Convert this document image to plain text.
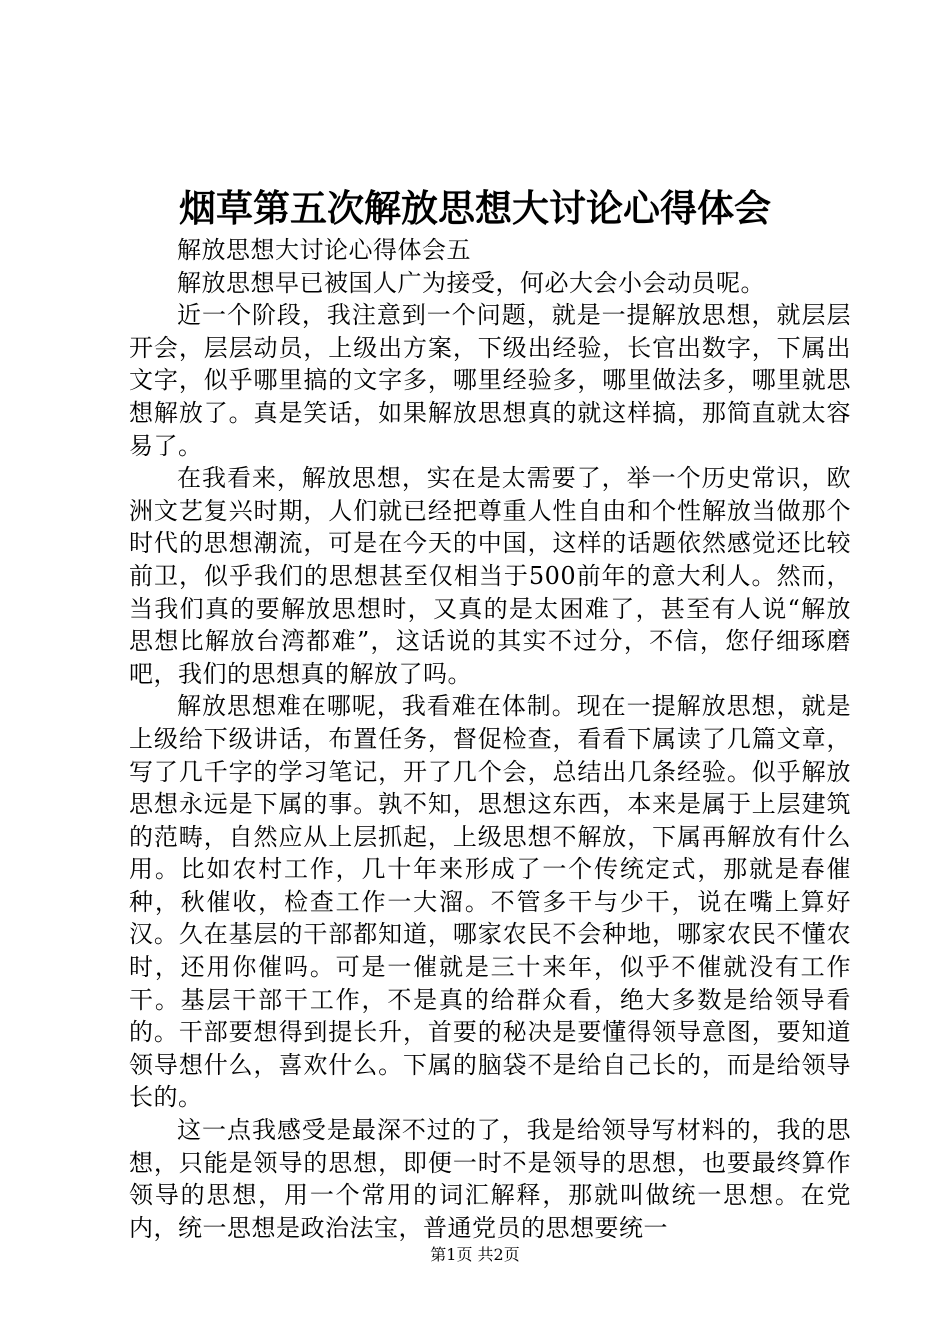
烟草第五次解放思想大讨论心得体会

解放思想大讨论心得体会五

解放思想早已被国人广为接受，何必大会小会动员呢。

近一个阶段，我注意到一个问题，就是一提解放思想，就层层开会，层层动员，上级出方案，下级出经验，长官出数字，下属出文字，似乎哪里搞的文字多，哪里经验多，哪里做法多，哪里就思想解放了。真是笑话，如果解放思想真的就这样搞，那简直就太容易了。

在我看来，解放思想，实在是太需要了，举一个历史常识，欧洲文艺复兴时期，人们就已经把尊重人性自由和个性解放当做那个时代的思想潮流，可是在今天的中国，这样的话题依然感觉还比较前卫，似乎我们的思想甚至仅相当于500前年的意大利人。然而，当我们真的要解放思想时，又真的是太困难了，甚至有人说“解放思想比解放台湾都难”，这话说的其实不过分，不信，您仔细琢磨吧，我们的思想真的解放了吗。

解放思想难在哪呢，我看难在体制。现在一提解放思想，就是上级给下级讲话，布置任务，督促检查，看看下属读了几篇文章，写了几千字的学习笔记，开了几个会，总结出几条经验。似乎解放思想永远是下属的事。孰不知，思想这东西，本来是属于上层建筑的范畴，自然应从上层抓起，上级思想不解放，下属再解放有什么用。比如农村工作，几十年来形成了一个传统定式，那就是春催种，秋催收，检查工作一大溜。不管多干与少干，说在嘴上算好汉。久在基层的干部都知道，哪家农民不会种地，哪家农民不懂农时，还用你催吗。可是一催就是三十来年，似乎不催就没有工作干。基层干部干工作，不是真的给群众看，绝大多数是给领导看的。干部要想得到提长升，首要的秘决是要懂得领导意图，要知道领导想什么，喜欢什么。下属的脑袋不是给自己长的，而是给领导长的。

这一点我感受是最深不过的了，我是给领导写材料的，我的思想，只能是领导的思想，即便一时不是领导的思想，也要最终算作领导的思想，用一个常用的词汇解释，那就叫做统一思想。在党内，统一思想是政治法宝，普通党员的思想要统一

第1页 共2页
